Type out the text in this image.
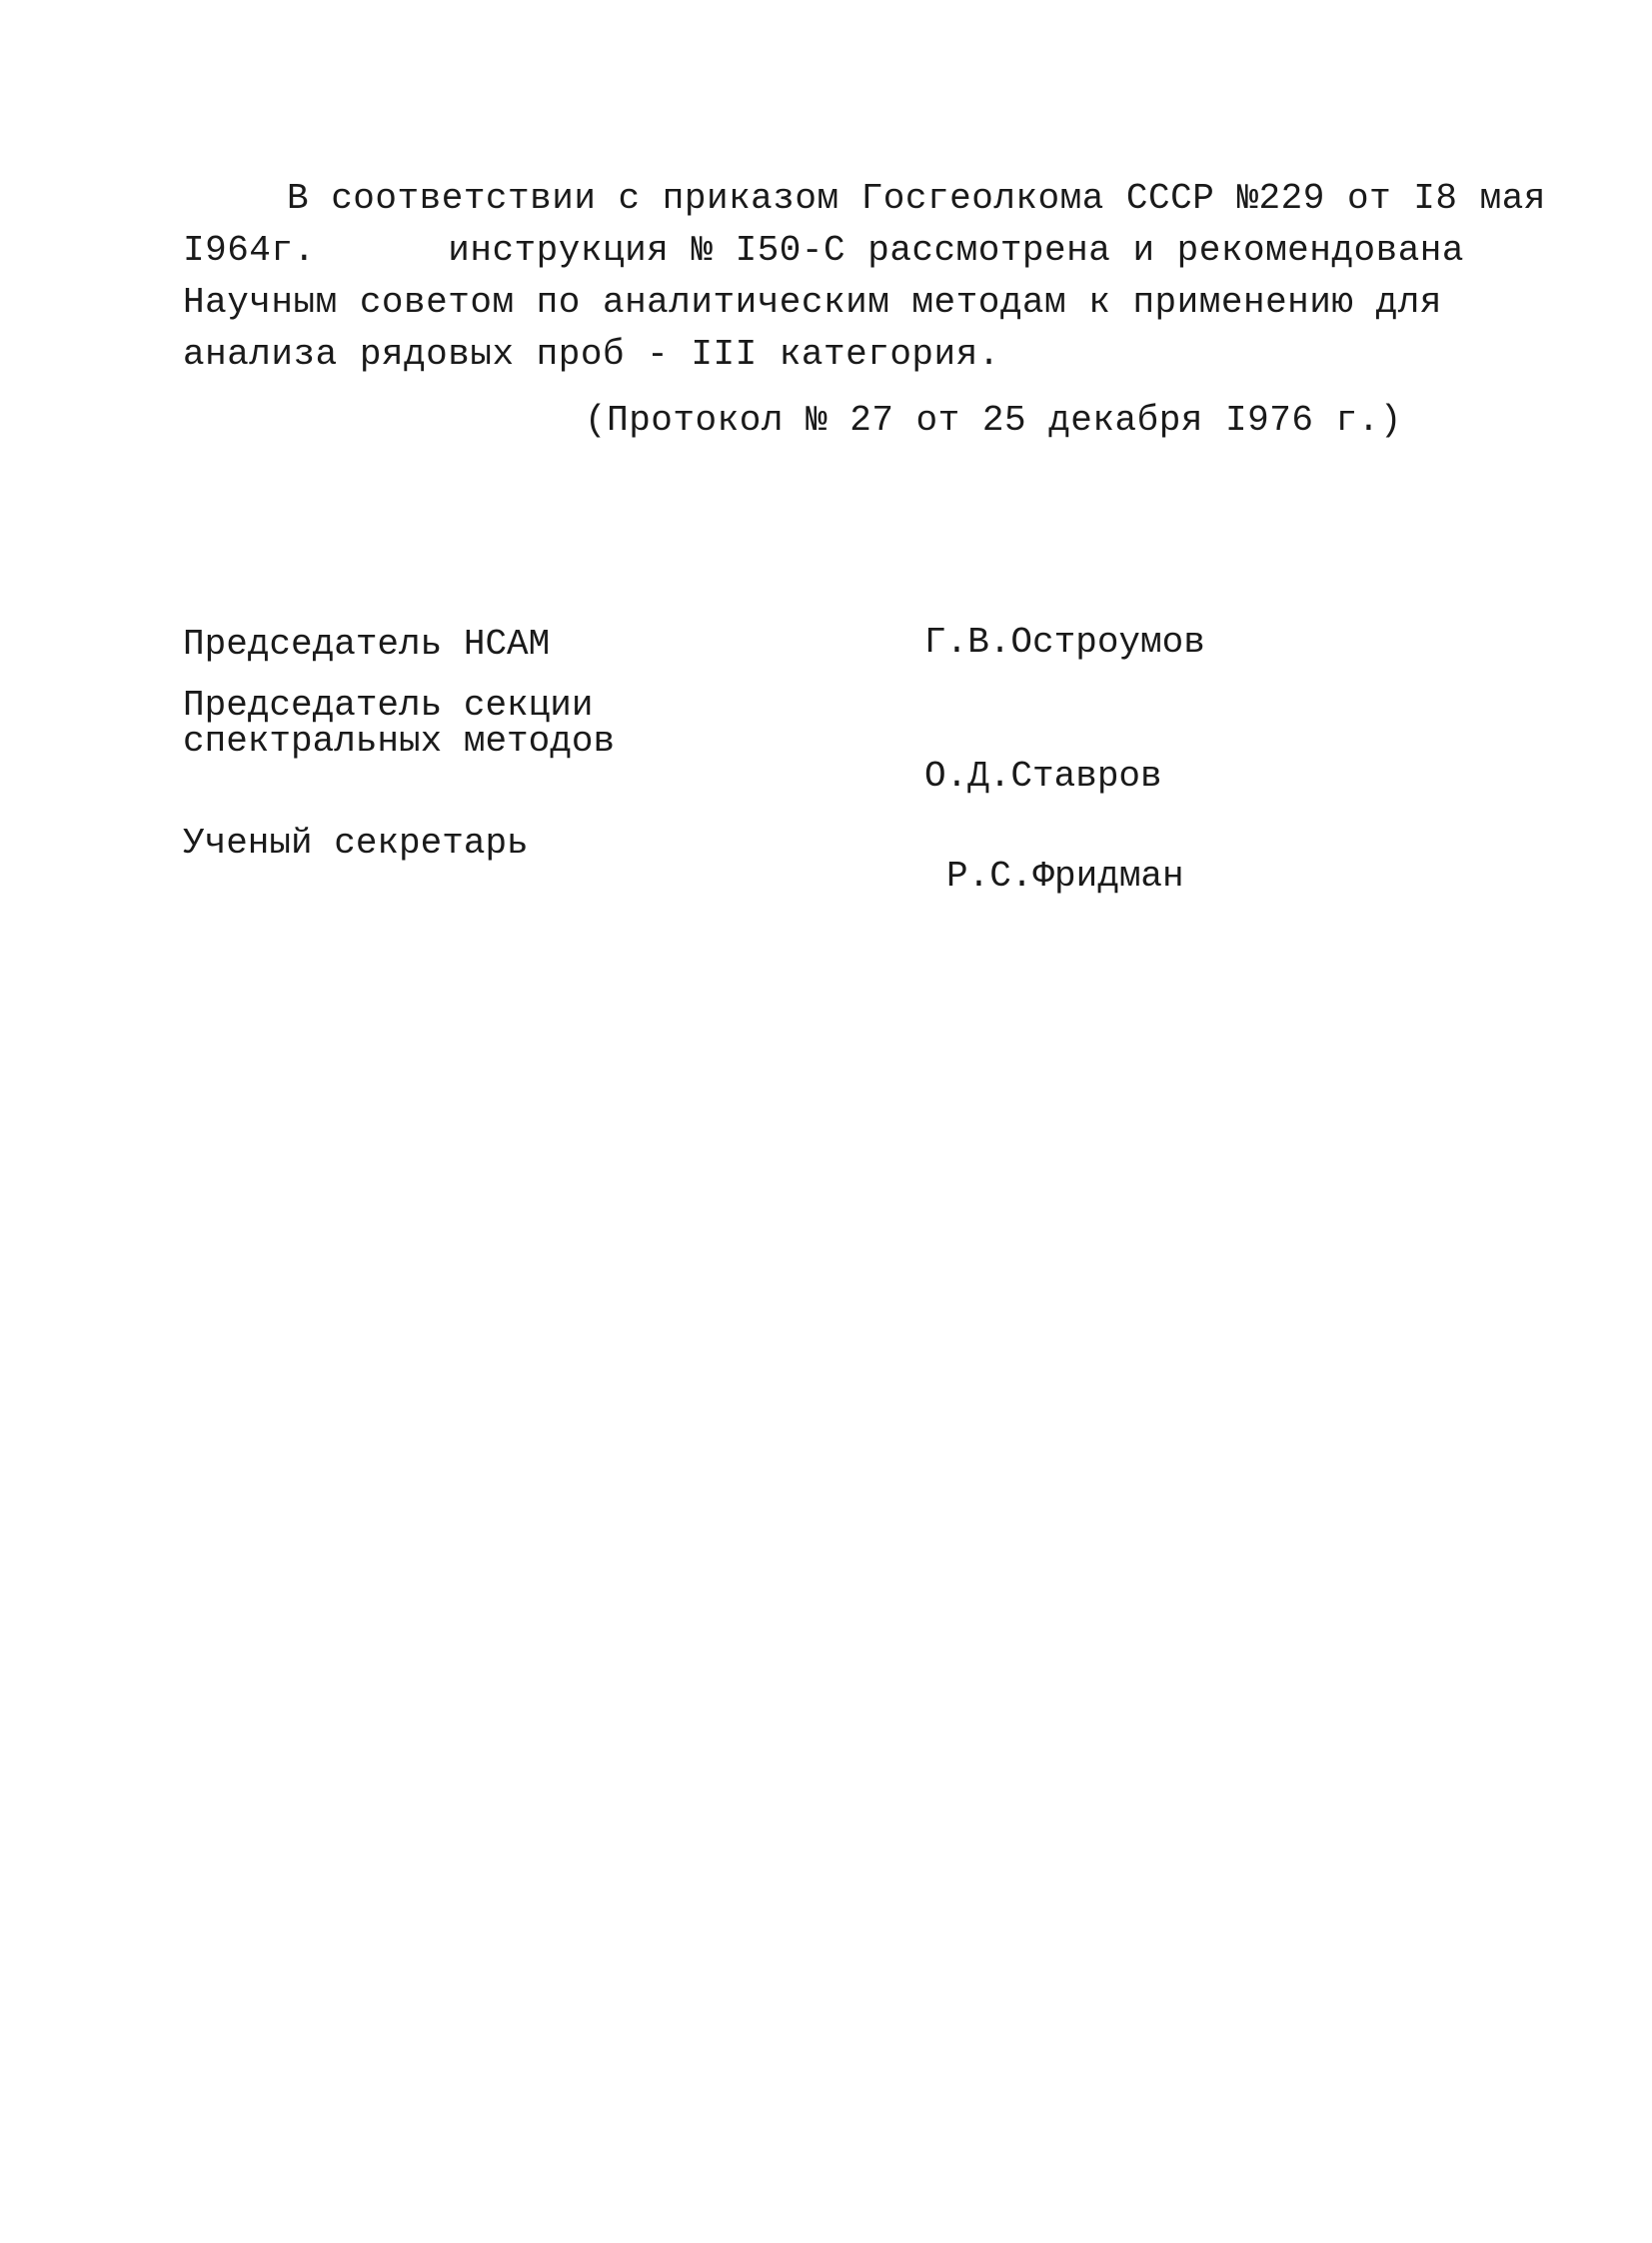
В соответствии с приказом Госгеолкома СССР №229 от I8 мая
I964г.      инструкция № I50-С рассмотрена и рекомендована
Научным советом по аналитическим методам к применению для
анализа рядовых проб - III категория.
(Протокол № 27 от 25 декабря I976 г.)
Председатель НСАМ	Г.В.Остроумов
Председатель секции
спектральных методов
О.Д.Ставров
Ученый секретарь
Р.С.Фридман
